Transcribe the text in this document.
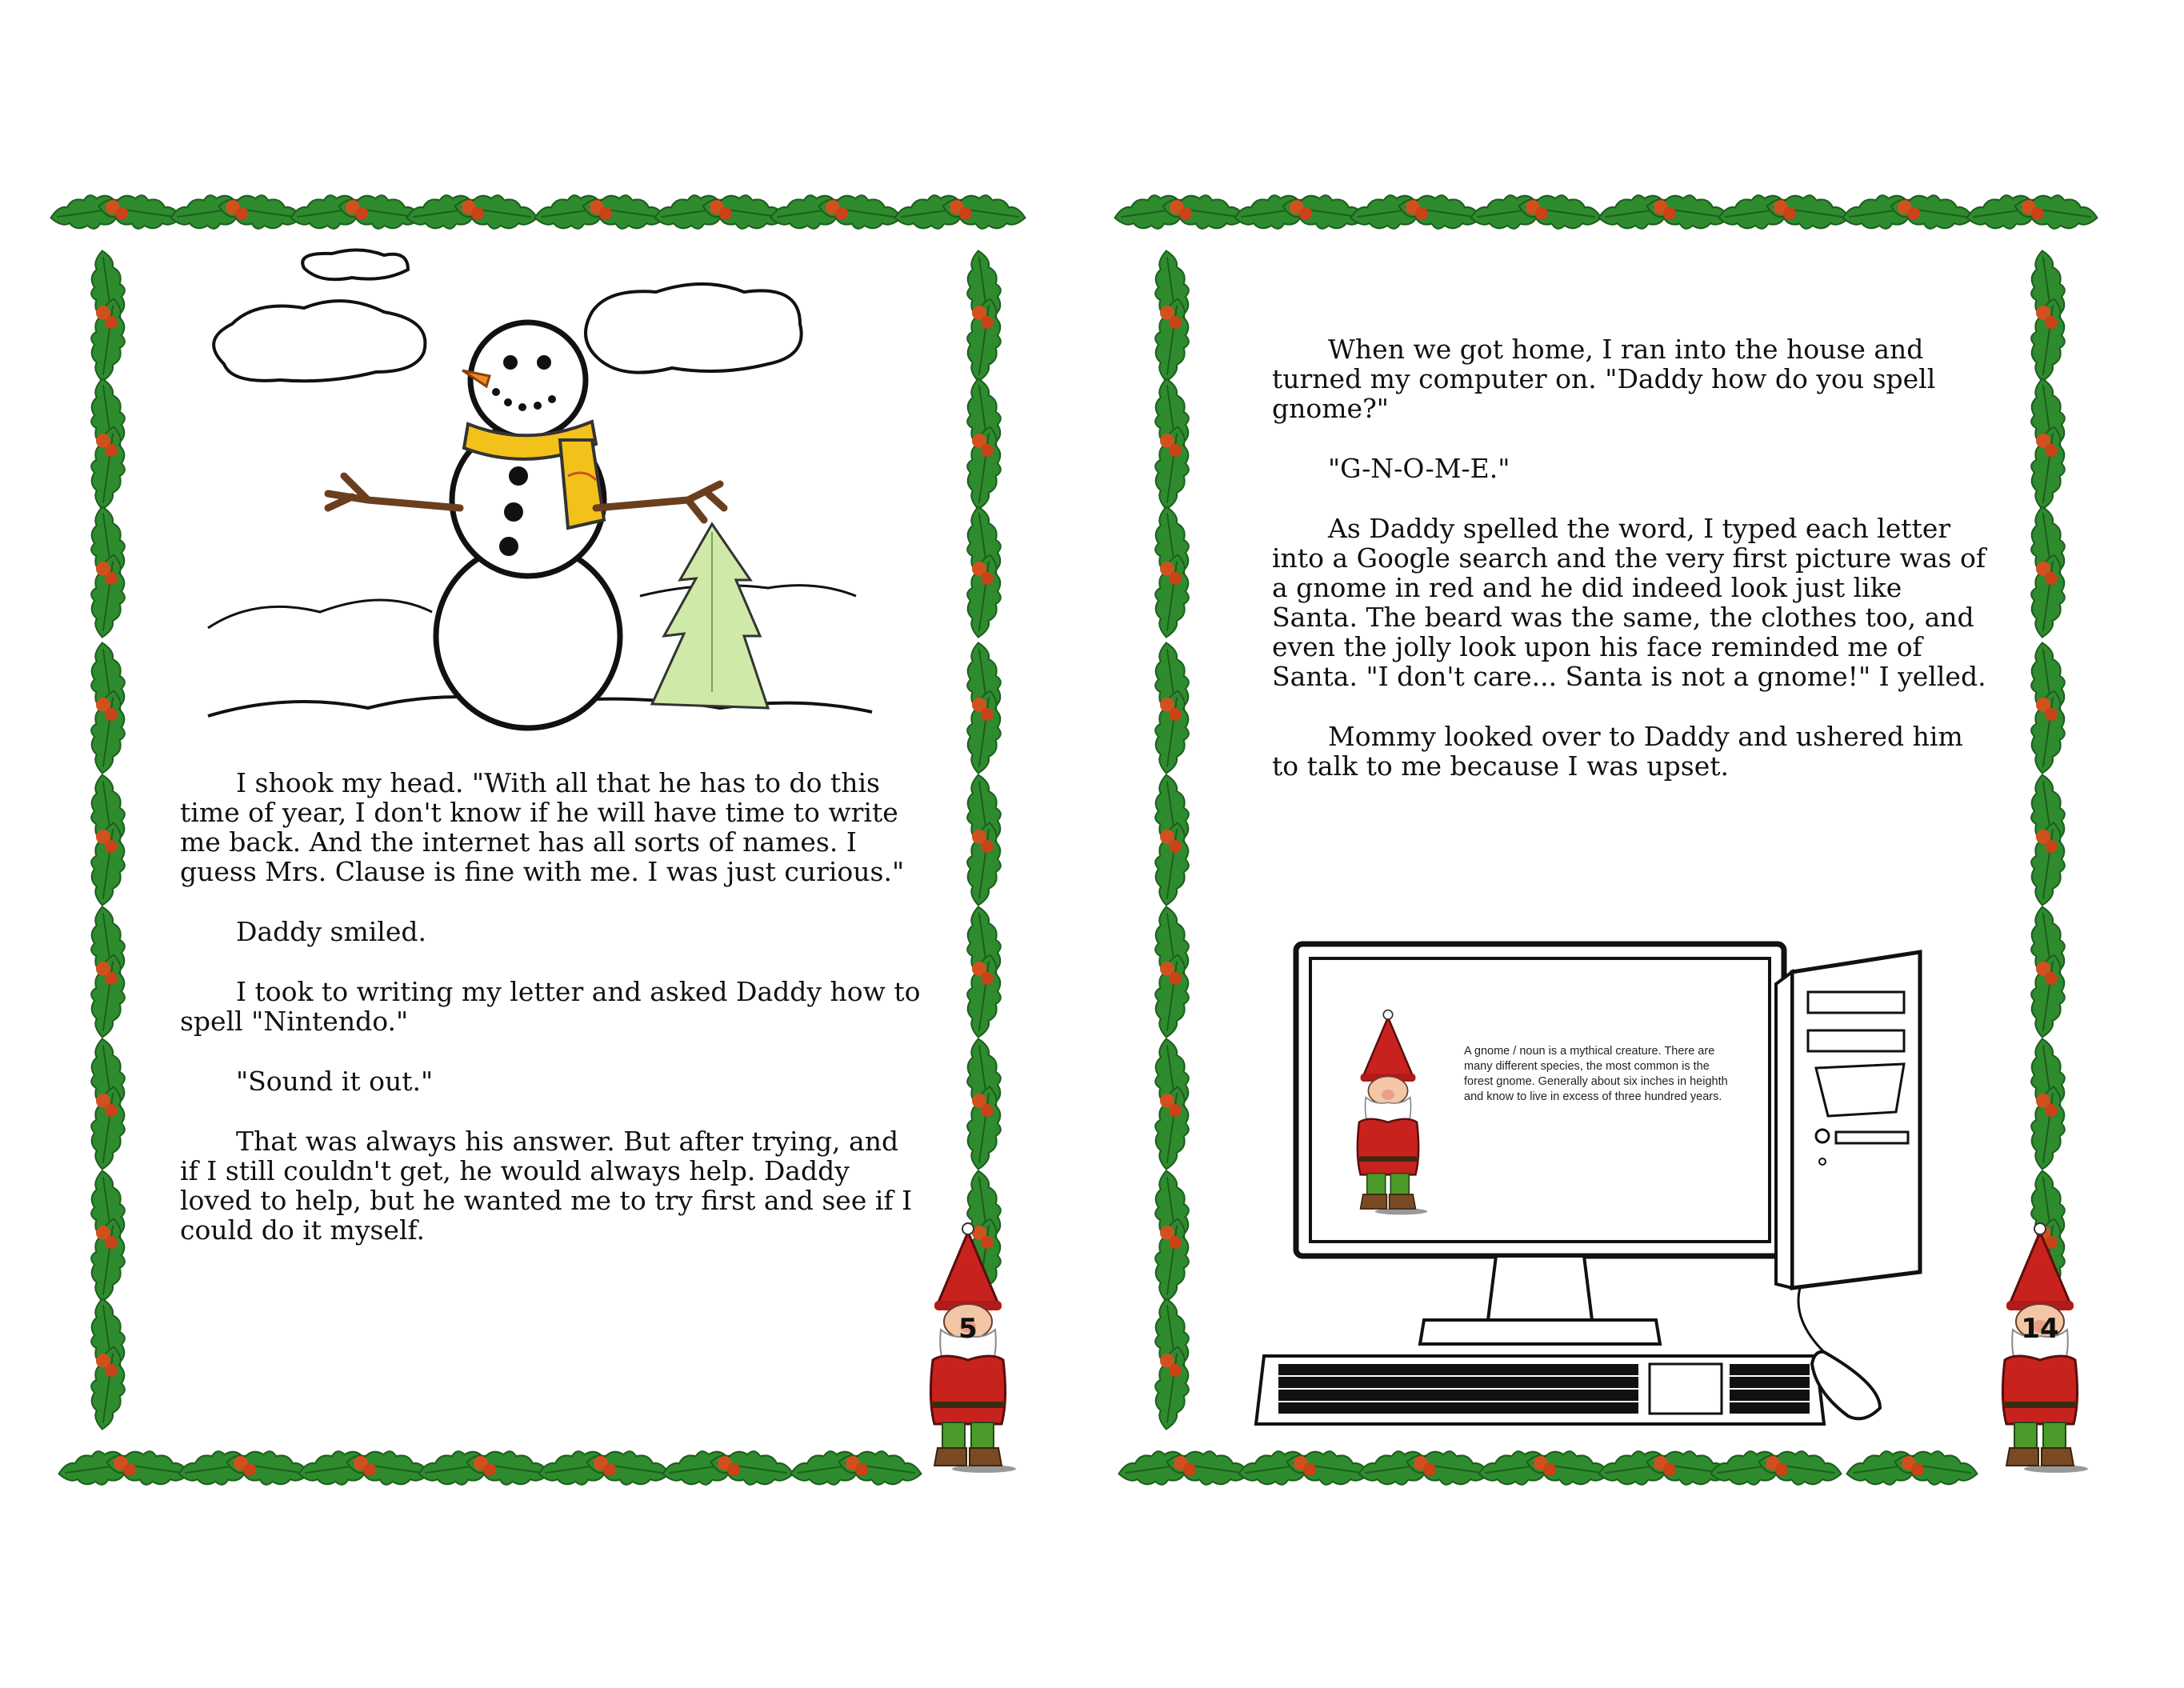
I shook my head. "With all that he has to do this time of year, I don't know if he will have time to write me back. And the internet has all sorts of names. I guess Mrs. Clause is fine with me. I was just curious."

Daddy smiled.

I took to writing my letter and asked Daddy how to spell "Nintendo."

"Sound it out."

That was always his answer. But after trying, and if I still couldn't get, he would always help. Daddy loved to help, but he wanted me to try first and see if I could do it myself.

5

When we got home, I ran into the house and turned my computer on. "Daddy how do you spell gnome?"

"G-N-O-M-E."

As Daddy spelled the word, I typed each letter into a Google search and the very first picture was of a gnome in red and he did indeed look just like Santa. The beard was the same, the clothes too, and even the jolly look upon his face reminded me of Santa. "I don't care... Santa is not a gnome!" I yelled.

Mommy looked over to Daddy and ushered him to talk to me because I was upset.

A gnome / noun is a mythical creature. There are many different species, the most common is the forest gnome. Generally about six inches in heighth and know to live in excess of three hundred years.
14
